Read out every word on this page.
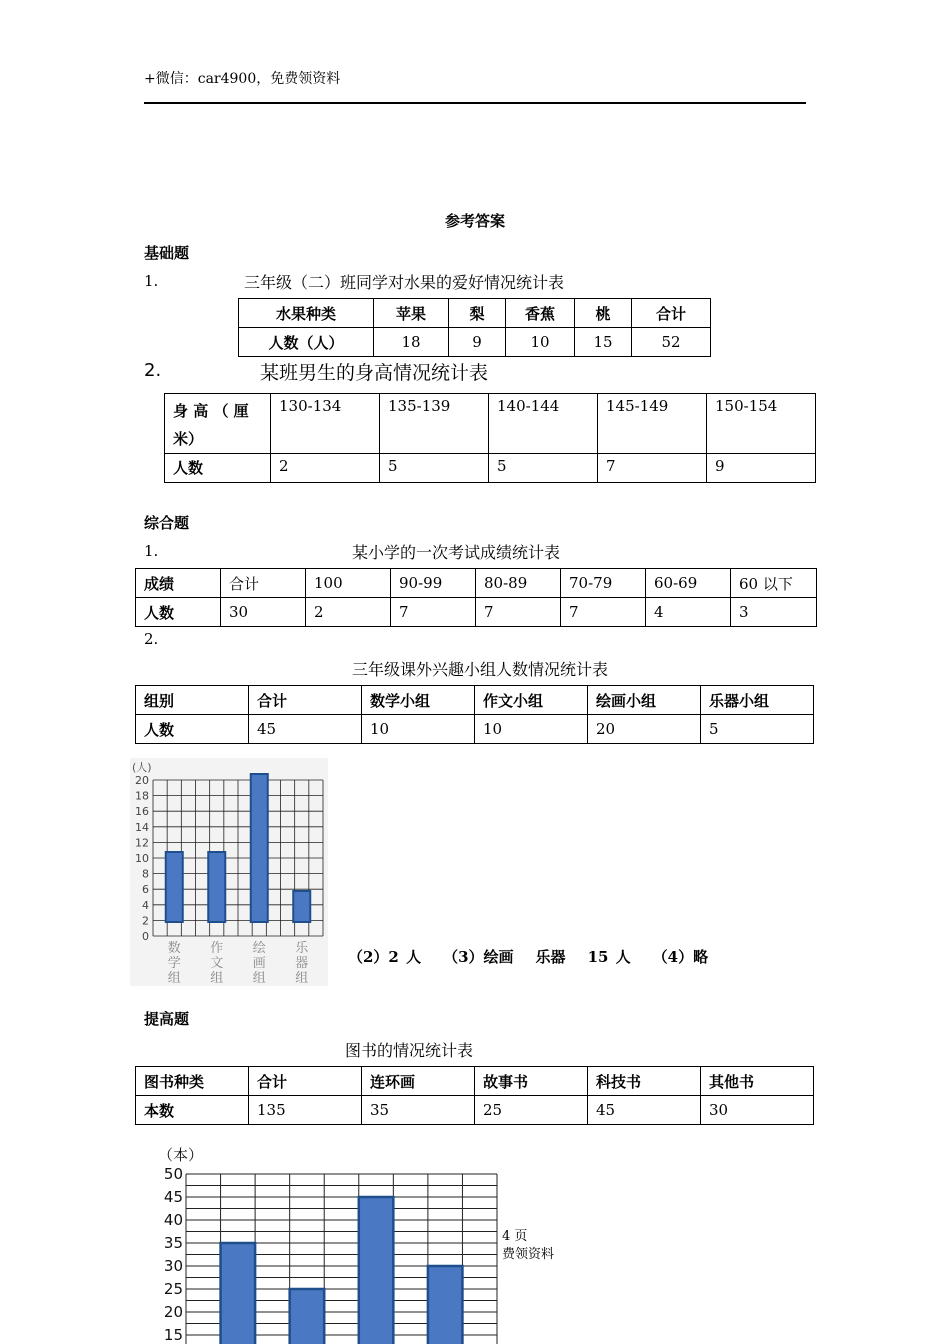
+微信：car4900，免费领资料
参考答案
基础题
1.	三年级（二）班同学对水果的爱好情况统计表
水果种类	苹果	梨	香蕉	桃	合计
人数（人）	18	9	10	15	52
2.	某班男生的身高情况统计表
身 高 （ 厘米）	130-134	135-139	140-144	145-149	150-154
人数	2	5	5	7	9
综合题
1.	某小学的一次考试成绩统计表
成绩	合计	100	90-99	80-89	70-79	60-69	60 以下
人数	30	2	7	7	7	4	3
2.
三年级课外兴趣小组人数情况统计表
组别	合计	数学小组	作文小组	绘画小组	乐器小组
人数	45	10	10	20	5
(人)
0
2
4
6
8
10
12
14
16
18
20
数
学
组
作
文
组
绘
画
组
乐
器
组
（2）2 人 （3）绘画 乐器 15 人 （4）略
提高题
图书的情况统计表
图书种类	合计	连环画	故事书	科技书	其他书
本数	135	35	25	45	30
（本）
15
20
25
30
35
40
45
50
4 页
费领资料
